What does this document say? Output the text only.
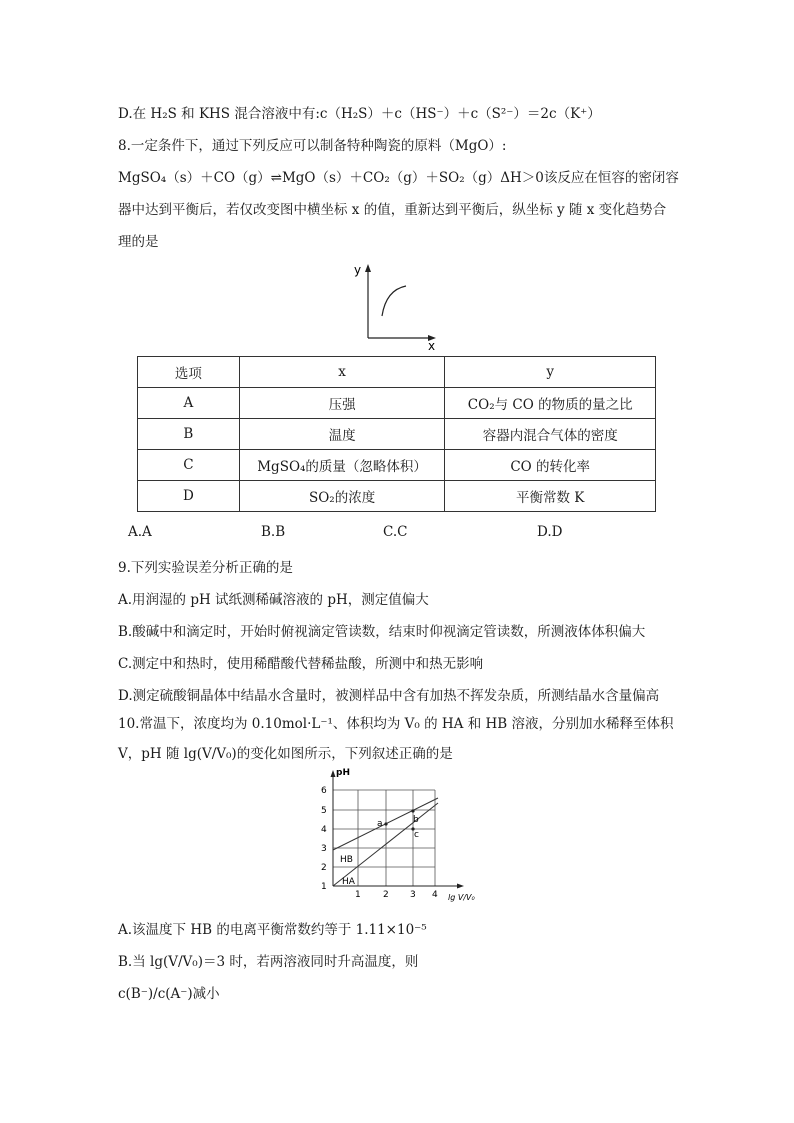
D.在 H₂S 和 KHS 混合溶液中有:c（H₂S）＋c（HS⁻）＋c（S²⁻）＝2c（K⁺）
8.一定条件下，通过下列反应可以制备特种陶瓷的原料（MgO）:
MgSO₄（s）＋CO（g）⇌MgO（s）＋CO₂（g）＋SO₂（g）ΔH＞0该反应在恒容的密闭容
器中达到平衡后，若仅改变图中横坐标 x 的值，重新达到平衡后，纵坐标 y 随 x 变化趋势合
理的是
y
x
选项	x	y
A	压强	CO₂与 CO 的物质的量之比
B	温度	容器内混合气体的密度
C	MgSO₄的质量（忽略体积）	CO 的转化率
D	SO₂的浓度	平衡常数 K
A.A	B.B	C.C	D.D
9.下列实验误差分析正确的是
A.用润湿的 pH 试纸测稀碱溶液的 pH，测定值偏大
B.酸碱中和滴定时，开始时俯视滴定管读数，结束时仰视滴定管读数，所测液体体积偏大
C.测定中和热时，使用稀醋酸代替稀盐酸，所测中和热无影响
D.测定硫酸铜晶体中结晶水含量时，被测样品中含有加热不挥发杂质，所测结晶水含量偏高
10.常温下，浓度均为 0.10mol·L⁻¹、体积均为 V₀ 的 HA 和 HB 溶液，分别加水稀释至体积
V，pH 随 lg(V/V₀)的变化如图所示，下列叙述正确的是
pH
lg V/V₀
6
5
4
3
2
1
1 2 3 4
HB
HA
a	b
c
A.该温度下 HB 的电离平衡常数约等于 1.11×10⁻⁵
B.当 lg(V/V₀)＝3 时，若两溶液同时升高温度，则
c(B⁻)/c(A⁻)减小
